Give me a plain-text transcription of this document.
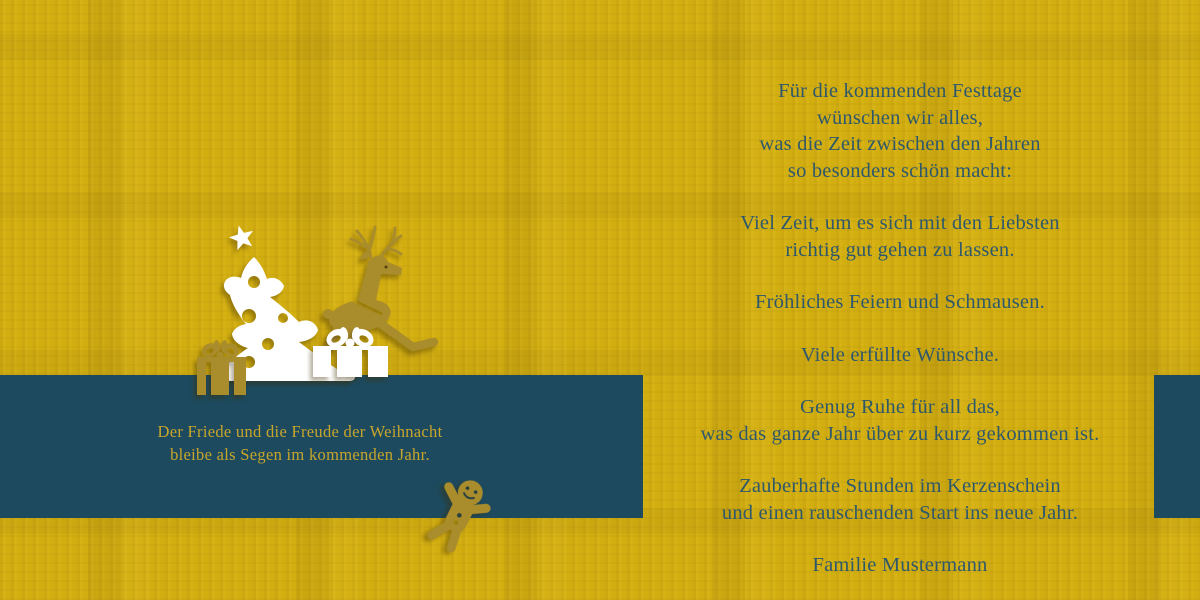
Der Friede und die Freude der Weihnacht
bleibe als Segen im kommenden Jahr.

Für die kommenden Festtage
wünschen wir alles,
was die Zeit zwischen den Jahren
so besonders schön macht:

Viel Zeit, um es sich mit den Liebsten
richtig gut gehen zu lassen.

Fröhliches Feiern und Schmausen.

Viele erfüllte Wünsche.

Genug Ruhe für all das,
was das ganze Jahr über zu kurz gekommen ist.

Zauberhafte Stunden im Kerzenschein
und einen rauschenden Start ins neue Jahr.

Familie Mustermann
